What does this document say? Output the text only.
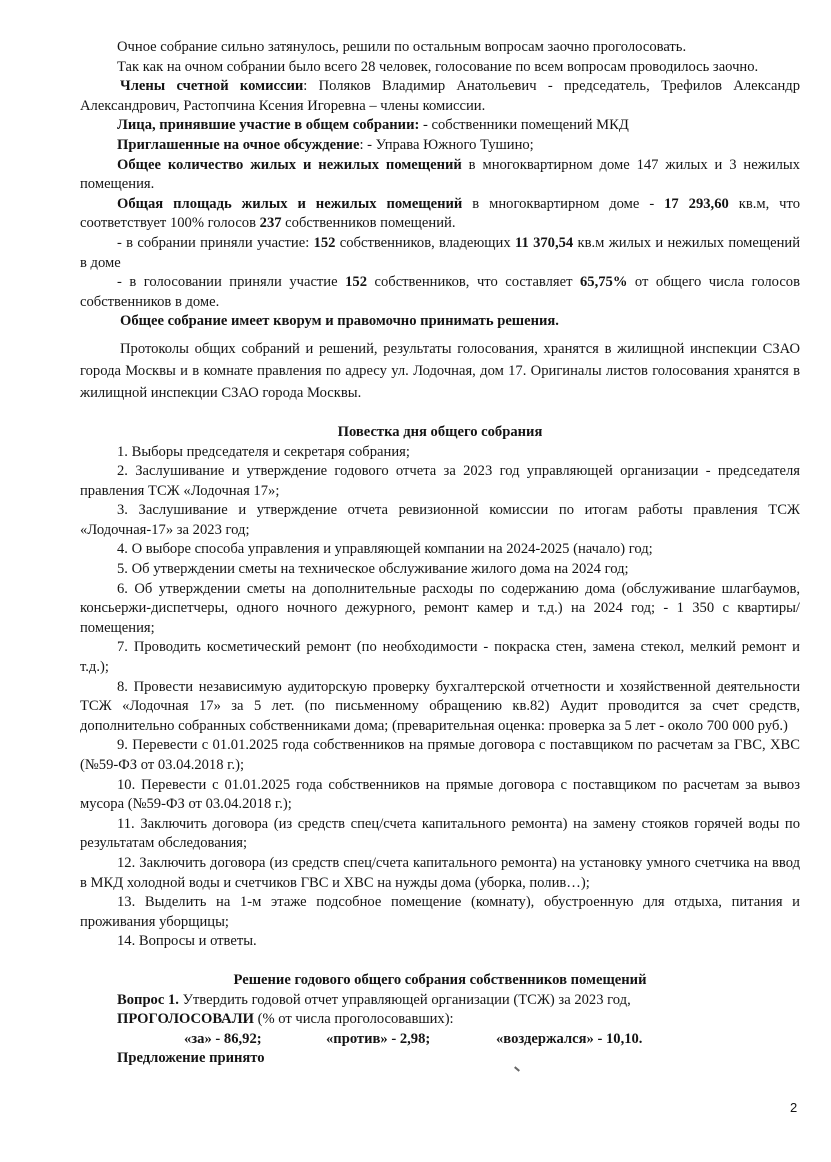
Очное собрание сильно затянулось, решили по остальным вопросам заочно проголосовать.

Так как на очном собрании было всего 28 человек, голосование по всем вопросам проводилось заочно.

Члены счетной комиссии: Поляков Владимир Анатольевич - председатель, Трефилов Александр Александрович, Растопчина Ксения Игоревна – члены комиссии.

Лица, принявшие участие в общем собрании: - собственники помещений МКД

Приглашенные на очное обсуждение: - Управа Южного Тушино;

Общее количество жилых и нежилых помещений в многоквартирном доме 147 жилых и 3 нежилых помещения.

Общая площадь жилых и нежилых помещений в многоквартирном доме - 17 293,60 кв.м, что соответствует 100% голосов 237 собственников помещений.

- в собрании приняли участие: 152 собственников, владеющих 11 370,54 кв.м жилых и нежилых помещений в доме

- в голосовании приняли участие 152 собственников, что составляет 65,75% от общего числа голосов собственников в доме.

Общее собрание имеет кворум и правомочно принимать решения.

Протоколы общих собраний и решений, результаты голосования, хранятся в жилищной инспекции СЗАО города Москвы и в комнате правления по адресу ул. Лодочная, дом 17. Оригиналы листов голосования хранятся в жилищной инспекции СЗАО города Москвы.

Повестка дня общего собрания

1. Выборы председателя и секретаря собрания;

2. Заслушивание и утверждение годового отчета за 2023 год управляющей организации - председателя правления ТСЖ «Лодочная 17»;

3. Заслушивание и утверждение отчета ревизионной комиссии по итогам работы правления ТСЖ «Лодочная-17» за 2023 год;

4. О выборе способа управления и управляющей компании на 2024-2025 (начало) год;

5. Об утверждении сметы на техническое обслуживание жилого дома на 2024 год;

6. Об утверждении сметы на дополнительные расходы по содержанию дома (обслуживание шлагбаумов, консьержи-диспетчеры, одного ночного дежурного, ремонт камер и т.д.) на 2024 год; - 1 350 с квартиры/помещения;

7. Проводить косметический ремонт (по необходимости - покраска стен, замена стекол, мелкий ремонт и т.д.);

8. Провести независимую аудиторскую проверку бухгалтерской отчетности и хозяйственной деятельности ТСЖ «Лодочная 17» за 5 лет. (по письменному обращению кв.82) Аудит проводится за счет средств, дополнительно собранных собственниками дома; (преварительная оценка: проверка за 5 лет - около 700 000 руб.)

9. Перевести с 01.01.2025 года собственников на прямые договора с поставщиком по расчетам за ГВС, ХВС (№59-ФЗ от 03.04.2018 г.);

10. Перевести с 01.01.2025 года собственников на прямые договора с поставщиком по расчетам за вывоз мусора (№59-ФЗ от 03.04.2018 г.);

11. Заключить договора (из средств спец/счета капитального ремонта) на замену стояков горячей воды по результатам обследования;

12. Заключить договора (из средств спец/счета капитального ремонта) на установку умного счетчика на ввод в МКД холодной воды и счетчиков ГВС и ХВС на нужды дома (уборка, полив…);

13. Выделить на 1-м этаже подсобное помещение (комнату), обустроенную для отдыха, питания и проживания уборщицы;

14. Вопросы и ответы.

Решение годового общего собрания собственников помещений

Вопрос 1. Утвердить годовой отчет управляющей организации (ТСЖ) за 2023 год,

ПРОГОЛОСОВАЛИ (% от числа проголосовавших):

«за» - 86,92;	«против» - 2,98;	«воздержался» - 10,10.

Предложение принято

2
